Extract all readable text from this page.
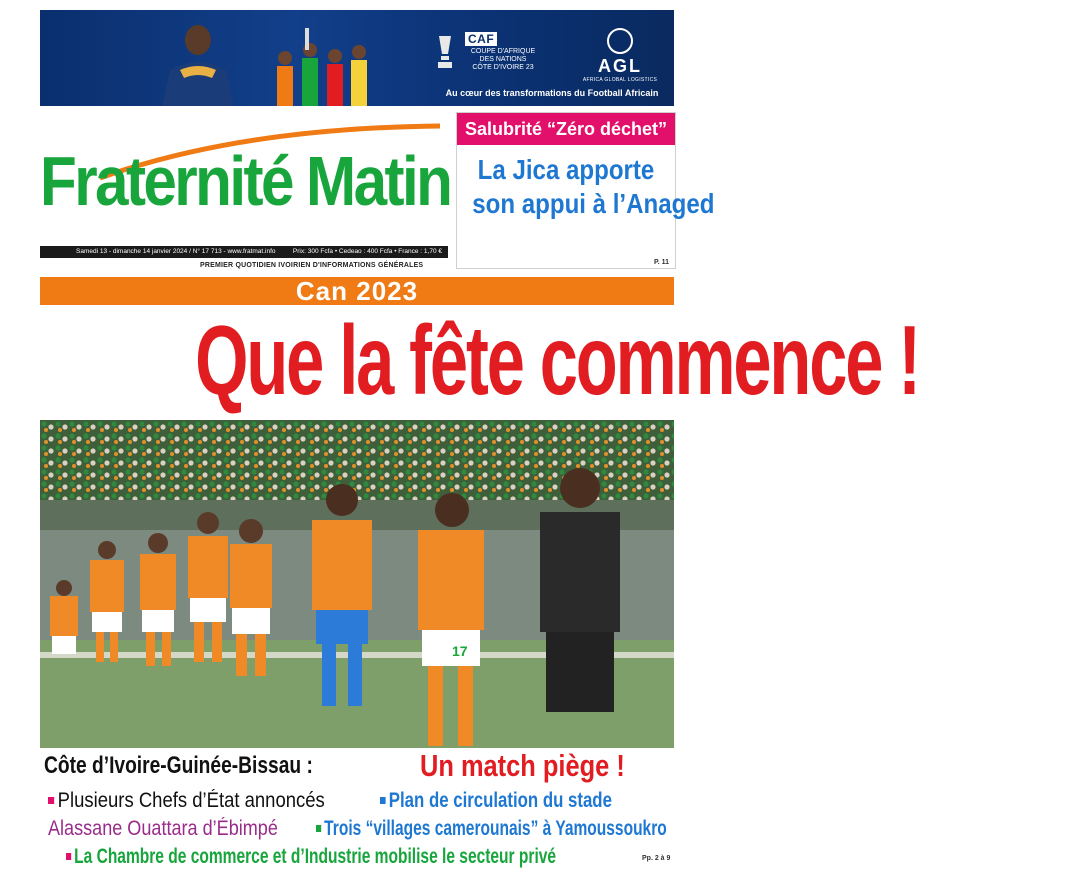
CAF
COUPE D'AFRIQUE
DES NATIONS
CÔTE D'IVOIRE 23	AGL
AFRICA GLOBAL LOGISTICS
Au cœur des transformations du Football Africain
Fraternité Matin
Samedi 13 - dimanche 14 janvier 2024 / N° 17 713 - www.fratmat.info	Prix: 300 Fcfa • Cedeao : 400 Fcfa • France : 1,70 €
PREMIER QUOTIDIEN IVOIRIEN D'INFORMATIONS GÉNÉRALES
Salubrité “Zéro déchet”
La Jica apporte
son appui à l’Anaged
P. 11
Can 2023
Que la fête commence !
17
Côte d’Ivoire-Guinée-Bissau :	Un match piège !
Plusieurs Chefs d’État annoncés	Plan de circulation du stade
Alassane Ouattara d’Ébimpé	Trois “villages camerounais” à Yamoussoukro
La Chambre de commerce et d’Industrie mobilise le secteur privé	Pp. 2 à 9
